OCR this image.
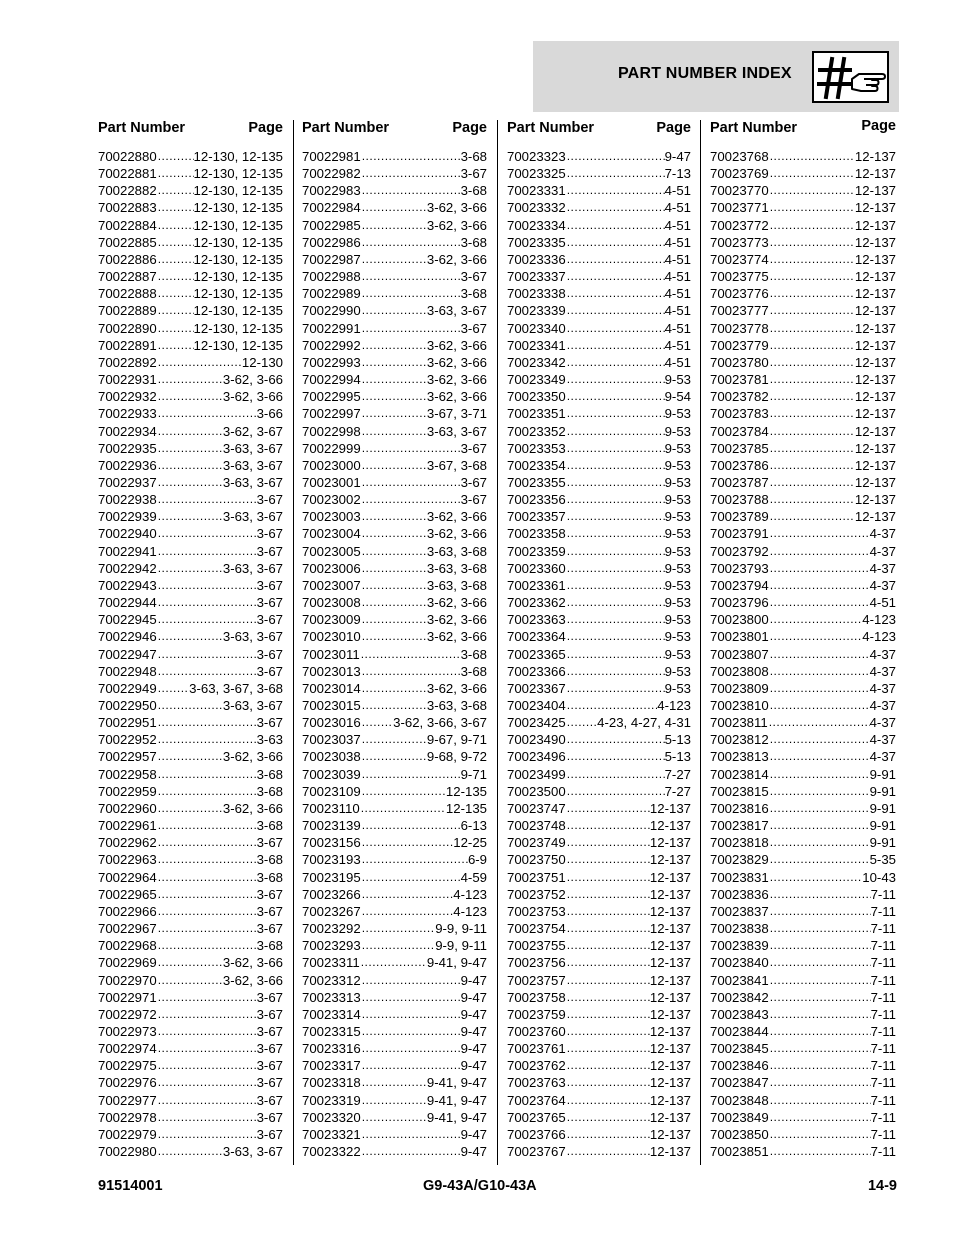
PART NUMBER INDEX
Part Number	Page
70022880 .....	12-130, 12-135
70022881 .....	12-130, 12-135
70022882 .....	12-130, 12-135
70022883 .....	12-130, 12-135
70022884 .....	12-130, 12-135
70022885 .....	12-130, 12-135
70022886 .....	12-130, 12-135
70022887 .....	12-130, 12-135
70022888 .....	12-130, 12-135
70022889 .....	12-130, 12-135
70022890 .....	12-130, 12-135
70022891 .....	12-130, 12-135
70022892 .....	12-130
70022931 .....	3-62, 3-66
70022932 .....	3-62, 3-66
70022933 .....	3-66
70022934 .....	3-62, 3-67
70022935 .....	3-63, 3-67
70022936 .....	3-63, 3-67
70022937 .....	3-63, 3-67
70022938 .....	3-67
70022939 .....	3-63, 3-67
70022940 .....	3-67
70022941 .....	3-67
70022942 .....	3-63, 3-67
70022943 .....	3-67
70022944 .....	3-67
70022945 .....	3-67
70022946 .....	3-63, 3-67
70022947 .....	3-67
70022948 .....	3-67
70022949 ..... 3-63, 3-67, 3-68
70022950 .....	3-63, 3-67
70022951 .....	3-67
70022952 .....	3-63
70022957 .....	3-62, 3-66
70022958 .....	3-68
70022959 .....	3-68
70022960 .....	3-62, 3-66
70022961 .....	3-68
70022962 .....	3-67
70022963 .....	3-68
70022964 .....	3-68
70022965 .....	3-67
70022966 .....	3-67
70022967 .....	3-67
70022968 .....	3-68
70022969 .....	3-62, 3-66
70022970 .....	3-62, 3-66
70022971 .....	3-67
70022972 .....	3-67
70022973 .....	3-67
70022974 .....	3-67
70022975 .....	3-67
70022976 .....	3-67
70022977 .....	3-67
70022978 .....	3-67
70022979 .....	3-67
70022980 .....	3-63, 3-67
Part Number	Page
70022981 .....	3-68
70022982 .....	3-67
70022983 .....	3-68
70022984 .....	3-62, 3-66
70022985 .....	3-62, 3-66
70022986 .....	3-68
70022987 .....	3-62, 3-66
70022988 .....	3-67
70022989 .....	3-68
70022990 .....	3-63, 3-67
70022991 .....	3-67
70022992 .....	3-62, 3-66
70022993 .....	3-62, 3-66
70022994 .....	3-62, 3-66
70022995 .....	3-62, 3-66
70022997 .....	3-67, 3-71
70022998 .....	3-63, 3-67
70022999 .....	3-67
70023000 .....	3-67, 3-68
70023001 .....	3-67
70023002 .....	3-67
70023003 .....	3-62, 3-66
70023004 .....	3-62, 3-66
70023005 .....	3-63, 3-68
70023006 .....	3-63, 3-68
70023007 .....	3-63, 3-68
70023008 .....	3-62, 3-66
70023009 .....	3-62, 3-66
70023010 .....	3-62, 3-66
70023011 .....	3-68
70023013 .....	3-68
70023014 .....	3-62, 3-66
70023015 .....	3-63, 3-68
70023016 ..... 3-62, 3-66, 3-67
70023037 .....	9-67, 9-71
70023038 .....	9-68, 9-72
70023039 .....	9-71
70023109 .....	12-135
70023110 .....	12-135
70023139 .....	6-13
70023156 .....	12-25
70023193 .....	6-9
70023195 .....	4-59
70023266 .....	4-123
70023267 .....	4-123
70023292 .....	9-9, 9-11
70023293 .....	9-9, 9-11
70023311 .....	9-41, 9-47
70023312 .....	9-47
70023313 .....	9-47
70023314 .....	9-47
70023315 .....	9-47
70023316 .....	9-47
70023317 .....	9-47
70023318 .....	9-41, 9-47
70023319 .....	9-41, 9-47
70023320 .....	9-41, 9-47
70023321 .....	9-47
70023322 .....	9-47
Part Number	Page
70023323 .....	9-47
70023325 .....	7-13
70023331 .....	4-51
70023332 .....	4-51
70023334 .....	4-51
70023335 .....	4-51
70023336 .....	4-51
70023337 .....	4-51
70023338 .....	4-51
70023339 .....	4-51
70023340 .....	4-51
70023341 .....	4-51
70023342 .....	4-51
70023349 .....	9-53
70023350 .....	9-54
70023351 .....	9-53
70023352 .....	9-53
70023353 .....	9-53
70023354 .....	9-53
70023355 .....	9-53
70023356 .....	9-53
70023357 .....	9-53
70023358 .....	9-53
70023359 .....	9-53
70023360 .....	9-53
70023361 .....	9-53
70023362 .....	9-53
70023363 .....	9-53
70023364 .....	9-53
70023365 .....	9-53
70023366 .....	9-53
70023367 .....	9-53
70023404 .....	4-123
70023425 ..... 4-23, 4-27, 4-31
70023490 .....	5-13
70023496 .....	5-13
70023499 .....	7-27
70023500 .....	7-27
70023747 .....	12-137
70023748 .....	12-137
70023749 .....	12-137
70023750 .....	12-137
70023751 .....	12-137
70023752 .....	12-137
70023753 .....	12-137
70023754 .....	12-137
70023755 .....	12-137
70023756 .....	12-137
70023757 .....	12-137
70023758 .....	12-137
70023759 .....	12-137
70023760 .....	12-137
70023761 .....	12-137
70023762 .....	12-137
70023763 .....	12-137
70023764 .....	12-137
70023765 .....	12-137
70023766 .....	12-137
70023767 .....	12-137
Part Number	Page
70023768 .....	12-137
70023769 .....	12-137
70023770 .....	12-137
70023771 .....	12-137
70023772 .....	12-137
70023773 .....	12-137
70023774 .....	12-137
70023775 .....	12-137
70023776 .....	12-137
70023777 .....	12-137
70023778 .....	12-137
70023779 .....	12-137
70023780 .....	12-137
70023781 .....	12-137
70023782 .....	12-137
70023783 .....	12-137
70023784 .....	12-137
70023785 .....	12-137
70023786 .....	12-137
70023787 .....	12-137
70023788 .....	12-137
70023789 .....	12-137
70023791 .....	4-37
70023792 .....	4-37
70023793 .....	4-37
70023794 .....	4-37
70023796 .....	4-51
70023800 .....	4-123
70023801 .....	4-123
70023807 .....	4-37
70023808 .....	4-37
70023809 .....	4-37
70023810 .....	4-37
70023811 .....	4-37
70023812 .....	4-37
70023813 .....	4-37
70023814 .....	9-91
70023815 .....	9-91
70023816 .....	9-91
70023817 .....	9-91
70023818 .....	9-91
70023829 .....	5-35
70023831 .....	10-43
70023836 .....	7-11
70023837 .....	7-11
70023838 .....	7-11
70023839 .....	7-11
70023840 .....	7-11
70023841 .....	7-11
70023842 .....	7-11
70023843 .....	7-11
70023844 .....	7-11
70023845 .....	7-11
70023846 .....	7-11
70023847 .....	7-11
70023848 .....	7-11
70023849 .....	7-11
70023850 .....	7-11
70023851 .....	7-11
91514001	G9-43A/G10-43A	14-9
